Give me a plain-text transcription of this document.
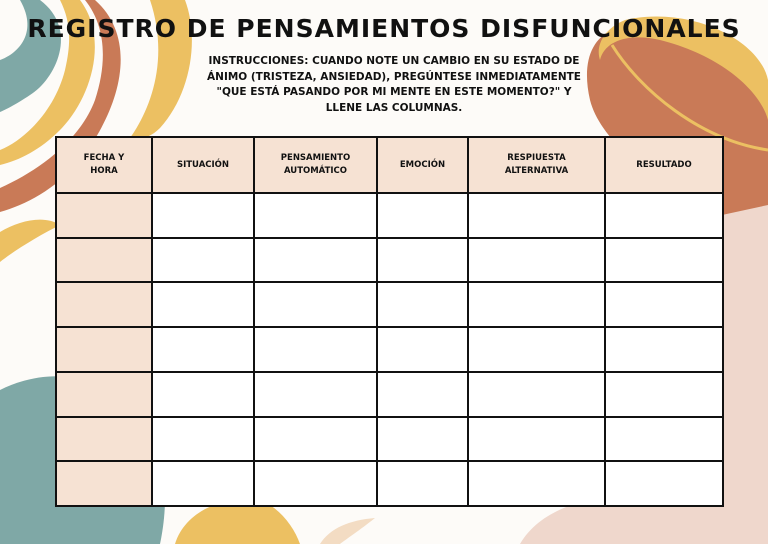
REGISTRO DE PENSAMIENTOS DISFUNCIONALES

INSTRUCCIONES: CUANDO NOTE UN CAMBIO EN SU ESTADO DE ÁNIMO (TRISTEZA, ANSIEDAD), PREGÚNTESE INMEDIATAMENTE "QUE ESTÁ PASANDO POR MI MENTE EN ESTE MOMENTO?" Y LLENE LAS COLUMNAS.

FECHA Y HORA	SITUACIÓN	PENSAMIENTO AUTOMÁTICO	EMOCIÓN	RESPIUESTA ALTERNATIVA	RESULTADO
